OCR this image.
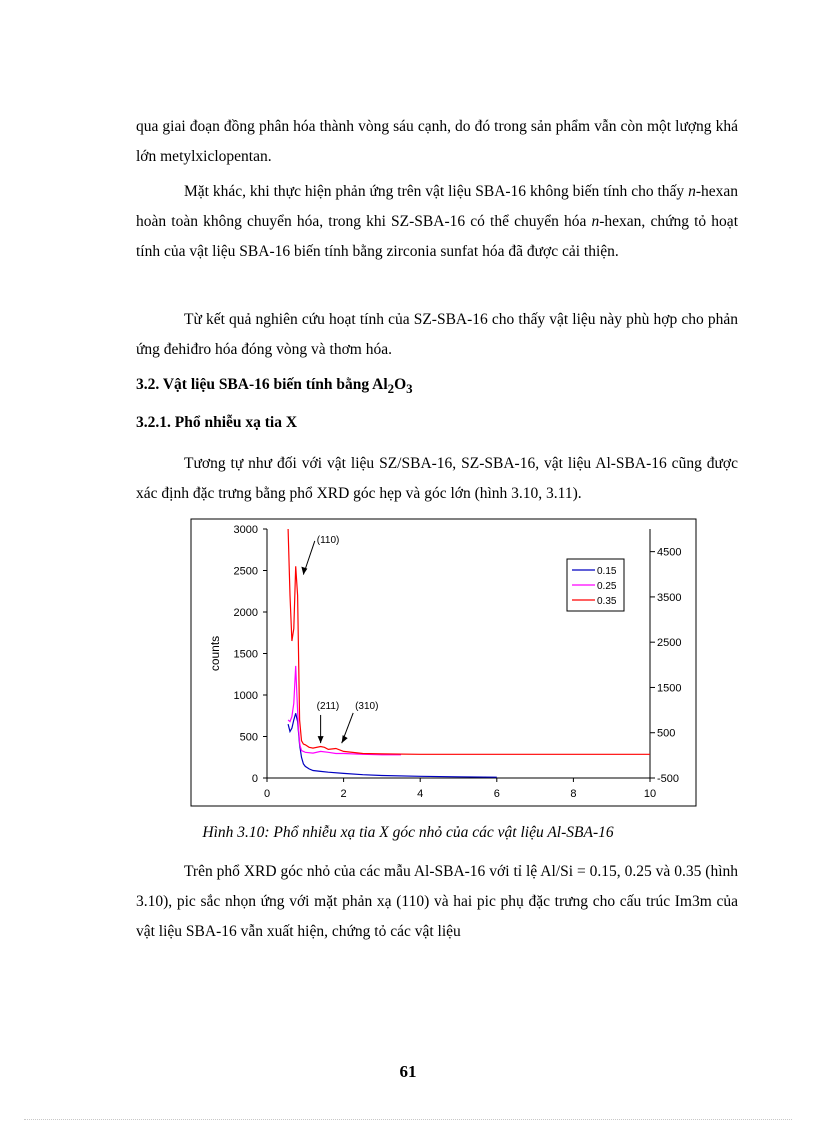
qua giai đoạn đồng phân hóa thành vòng sáu cạnh, do đó trong sản phẩm vẫn còn một lượng khá lớn metylxiclopentan.

Mặt khác, khi thực hiện phản ứng trên vật liệu SBA-16 không biến tính cho thấy n-hexan hoàn toàn không chuyển hóa, trong khi SZ-SBA-16 có thể chuyển hóa n-hexan, chứng tỏ hoạt tính của vật liệu SBA-16 biến tính bằng zirconia sunfat hóa đã được cải thiện.

Từ kết quả nghiên cứu hoạt tính của SZ-SBA-16 cho thấy vật liệu này phù hợp cho phản ứng đehiđro hóa đóng vòng và thơm hóa.

3.2. Vật liệu SBA-16 biến tính bằng $Al_2O_3$
3.2.1. Phổ nhiễu xạ tia X

Tương tự như đối với vật liệu SZ/SBA-16, SZ-SBA-16, vật liệu Al-SBA-16 cũng được xác định đặc trưng bằng phổ XRD góc hẹp và góc lớn (hình 3.10, 3.11).

0
500
1000
1500
2000
2500
3000
-500
500
1500
2500
3500
4500
0	2	4	6	8	10
counts
(110)
(211) (310)
0.15
0.25
0.35
Hình 3.10: Phổ nhiễu xạ tia X góc nhỏ của các vật liệu Al-SBA-16

Trên phổ XRD góc nhỏ của các mẫu Al-SBA-16 với tỉ lệ Al/Si = 0.15, 0.25 và 0.35 (hình 3.10), pic sắc nhọn ứng với mặt phản xạ (110) và hai pic phụ đặc trưng cho cấu trúc Im3m của vật liệu SBA-16 vẫn xuất hiện, chứng tỏ các vật liệu

61
